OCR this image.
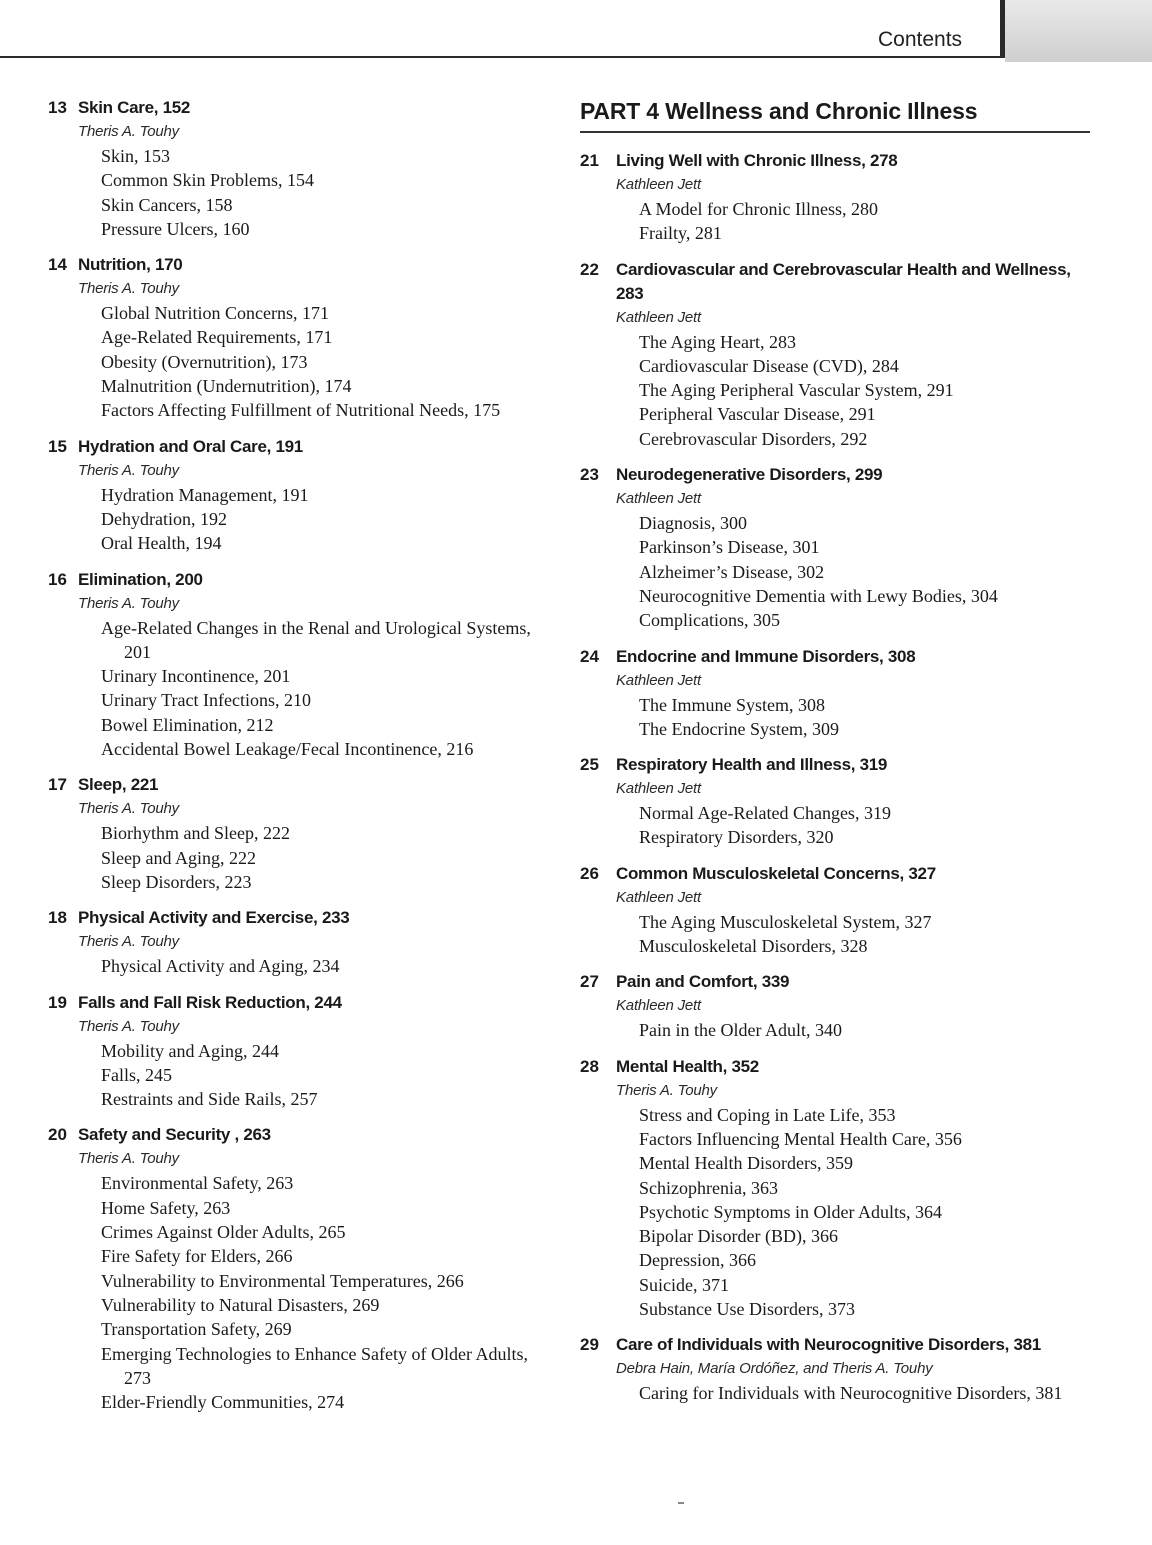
Contents
13 Skin Care, 152
Theris A. Touhy
Skin, 153
Common Skin Problems, 154
Skin Cancers, 158
Pressure Ulcers, 160
14 Nutrition, 170
Theris A. Touhy
Global Nutrition Concerns, 171
Age-Related Requirements, 171
Obesity (Overnutrition), 173
Malnutrition (Undernutrition), 174
Factors Affecting Fulfillment of Nutritional Needs, 175
15 Hydration and Oral Care, 191
Theris A. Touhy
Hydration Management, 191
Dehydration, 192
Oral Health, 194
16 Elimination, 200
Theris A. Touhy
Age-Related Changes in the Renal and Urological Systems, 201
Urinary Incontinence, 201
Urinary Tract Infections, 210
Bowel Elimination, 212
Accidental Bowel Leakage/Fecal Incontinence, 216
17 Sleep, 221
Theris A. Touhy
Biorhythm and Sleep, 222
Sleep and Aging, 222
Sleep Disorders, 223
18 Physical Activity and Exercise, 233
Theris A. Touhy
Physical Activity and Aging, 234
19 Falls and Fall Risk Reduction, 244
Theris A. Touhy
Mobility and Aging, 244
Falls, 245
Restraints and Side Rails, 257
20 Safety and Security , 263
Theris A. Touhy
Environmental Safety, 263
Home Safety, 263
Crimes Against Older Adults, 265
Fire Safety for Elders, 266
Vulnerability to Environmental Temperatures, 266
Vulnerability to Natural Disasters, 269
Transportation Safety, 269
Emerging Technologies to Enhance Safety of Older Adults, 273
Elder-Friendly Communities, 274
PART 4 Wellness and Chronic Illness
21 Living Well with Chronic Illness, 278
Kathleen Jett
A Model for Chronic Illness, 280
Frailty, 281
22 Cardiovascular and Cerebrovascular Health and Wellness, 283
Kathleen Jett
The Aging Heart, 283
Cardiovascular Disease (CVD), 284
The Aging Peripheral Vascular System, 291
Peripheral Vascular Disease, 291
Cerebrovascular Disorders, 292
23 Neurodegenerative Disorders, 299
Kathleen Jett
Diagnosis, 300
Parkinson’s Disease, 301
Alzheimer’s Disease, 302
Neurocognitive Dementia with Lewy Bodies, 304
Complications, 305
24 Endocrine and Immune Disorders, 308
Kathleen Jett
The Immune System, 308
The Endocrine System, 309
25 Respiratory Health and Illness, 319
Kathleen Jett
Normal Age-Related Changes, 319
Respiratory Disorders, 320
26 Common Musculoskeletal Concerns, 327
Kathleen Jett
The Aging Musculoskeletal System, 327
Musculoskeletal Disorders, 328
27 Pain and Comfort, 339
Kathleen Jett
Pain in the Older Adult, 340
28 Mental Health, 352
Theris A. Touhy
Stress and Coping in Late Life, 353
Factors Influencing Mental Health Care, 356
Mental Health Disorders, 359
Schizophrenia, 363
Psychotic Symptoms in Older Adults, 364
Bipolar Disorder (BD), 366
Depression, 366
Suicide, 371
Substance Use Disorders, 373
29 Care of Individuals with Neurocognitive Disorders, 381
Debra Hain, María Ordóñez, and Theris A. Touhy
Caring for Individuals with Neurocognitive Disorders, 381
